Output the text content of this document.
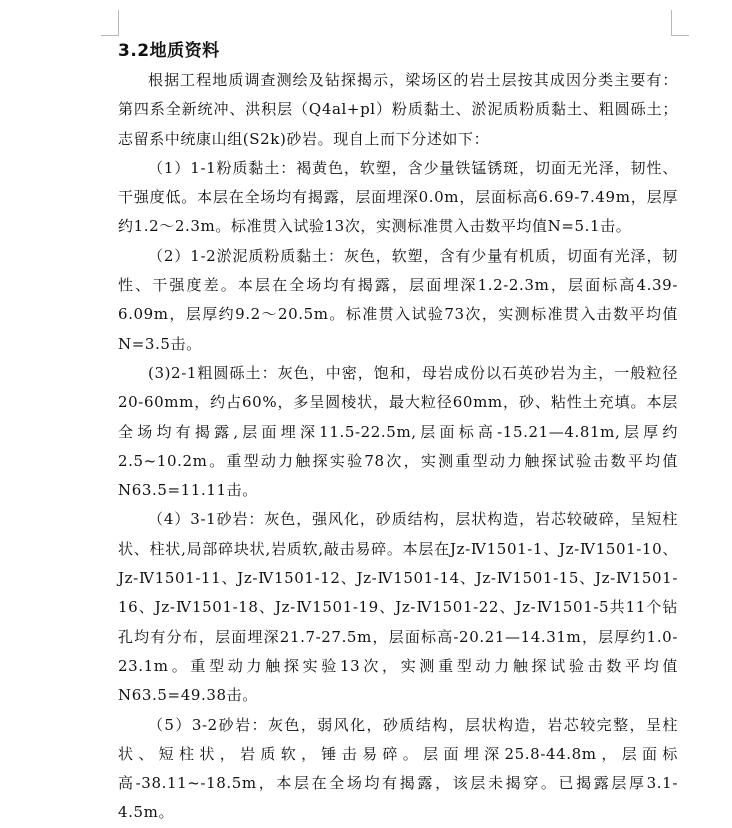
3.2地质资料

根据工程地质调查测绘及钻探揭示，梁场区的岩土层按其成因分类主要有：第四系全新统冲、洪积层（Q4al+pl）粉质黏土、淤泥质粉质黏土、粗圆砾土；志留系中统康山组(S2k)砂岩。现自上而下分述如下：

（1）1-1粉质黏土：褐黄色，软塑，含少量铁锰锈斑，切面无光泽，韧性、干强度低。本层在全场均有揭露，层面埋深0.0m，层面标高6.69-7.49m，层厚约1.2～2.3m。标准贯入试验13次，实测标准贯入击数平均值N=5.1击。

（2）1-2淤泥质粉质黏土：灰色，软塑，含有少量有机质，切面有光泽，韧性、干强度差。本层在全场均有揭露，层面埋深1.2-2.3m，层面标高4.39-6.09m，层厚约9.2～20.5m。标准贯入试验73次，实测标准贯入击数平均值N=3.5击。

(3)2-1粗圆砾土：灰色，中密，饱和，母岩成份以石英砂岩为主，一般粒径20-60mm，约占60%，多呈圆棱状，最大粒径60mm，砂、粘性土充填。本层全场均有揭露,层面埋深11.5-22.5m,层面标高-15.21—4.81m,层厚约2.5~10.2m。重型动力触探实验78次，实测重型动力触探试验击数平均值N63.5=11.11击。

（4）3-1砂岩：灰色，强风化，砂质结构，层状构造，岩芯较破碎，呈短柱状、柱状,局部碎块状,岩质软,敲击易碎。本层在Jz-Ⅳ1501-1、Jz-Ⅳ1501-10、Jz-Ⅳ1501-11、Jz-Ⅳ1501-12、Jz-Ⅳ1501-14、Jz-Ⅳ1501-15、Jz-Ⅳ1501-16、Jz-Ⅳ1501-18、Jz-Ⅳ1501-19、Jz-Ⅳ1501-22、Jz-Ⅳ1501-5共11个钻孔均有分布，层面埋深21.7-27.5m，层面标高-20.21—14.31m，层厚约1.0-23.1m。重型动力触探实验13次，实测重型动力触探试验击数平均值N63.5=49.38击。

（5）3-2砂岩：灰色，弱风化，砂质结构，层状构造，岩芯较完整，呈柱状、短柱状，岩质软，锤击易碎。层面埋深25.8-44.8m，层面标高-38.11~-18.5m，本层在全场均有揭露，该层未揭穿。已揭露层厚3.1-4.5m。
